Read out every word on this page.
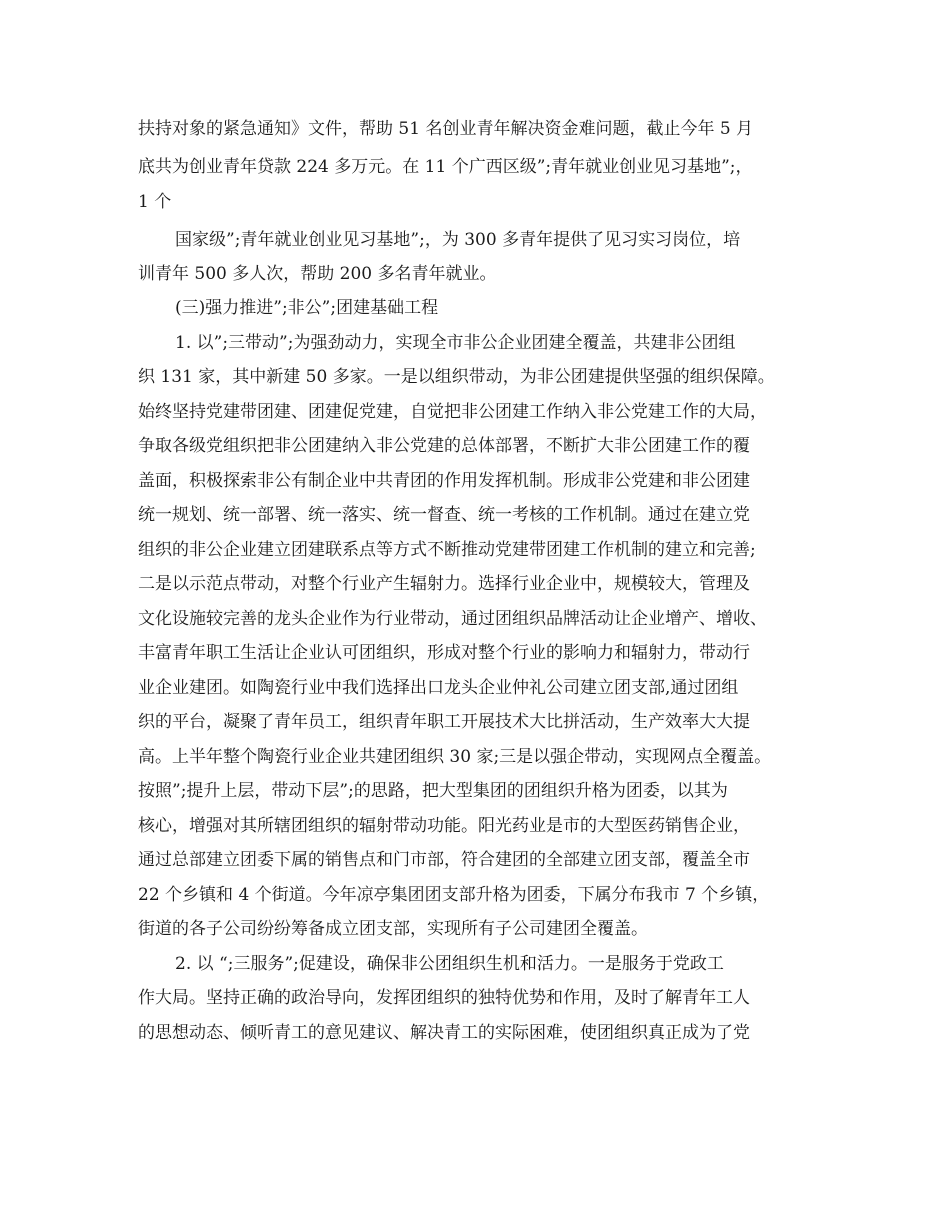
扶持对象的紧急通知》文件，帮助 51 名创业青年解决资金难问题，截止今年 5 月

底共为创业青年贷款 224 多万元。在 11 个广西区级”;青年就业创业见习基地”;，

1 个

国家级”;青年就业创业见习基地”;，为 300 多青年提供了见习实习岗位，培

训青年 500 多人次，帮助 200 多名青年就业。

(三)强力推进”;非公”;团建基础工程

1. 以”;三带动”;为强劲动力，实现全市非公企业团建全覆盖，共建非公团组

织 131 家，其中新建 50 多家。一是以组织带动，为非公团建提供坚强的组织保障。

始终坚持党建带团建、团建促党建，自觉把非公团建工作纳入非公党建工作的大局，

争取各级党组织把非公团建纳入非公党建的总体部署，不断扩大非公团建工作的覆

盖面，积极探索非公有制企业中共青团的作用发挥机制。形成非公党建和非公团建

统一规划、统一部署、统一落实、统一督查、统一考核的工作机制。通过在建立党

组织的非公企业建立团建联系点等方式不断推动党建带团建工作机制的建立和完善;

二是以示范点带动，对整个行业产生辐射力。选择行业企业中，规模较大，管理及

文化设施较完善的龙头企业作为行业带动，通过团组织品牌活动让企业增产、增收、

丰富青年职工生活让企业认可团组织，形成对整个行业的影响力和辐射力，带动行

业企业建团。如陶瓷行业中我们选择出口龙头企业仲礼公司建立团支部,通过团组

织的平台，凝聚了青年员工，组织青年职工开展技术大比拼活动，生产效率大大提

高。上半年整个陶瓷行业企业共建团组织 30 家;三是以强企带动，实现网点全覆盖。

按照”;提升上层，带动下层”;的思路，把大型集团的团组织升格为团委，以其为

核心，增强对其所辖团组织的辐射带动功能。阳光药业是市的大型医药销售企业，

通过总部建立团委下属的销售点和门市部，符合建团的全部建立团支部，覆盖全市

22 个乡镇和 4 个街道。今年凉亭集团团支部升格为团委，下属分布我市 7 个乡镇，

街道的各子公司纷纷筹备成立团支部，实现所有子公司建团全覆盖。

2. 以 “;三服务”;促建设，确保非公团组织生机和活力。一是服务于党政工

作大局。坚持正确的政治导向，发挥团组织的独特优势和作用，及时了解青年工人

的思想动态、倾听青工的意见建议、解决青工的实际困难，使团组织真正成为了党
